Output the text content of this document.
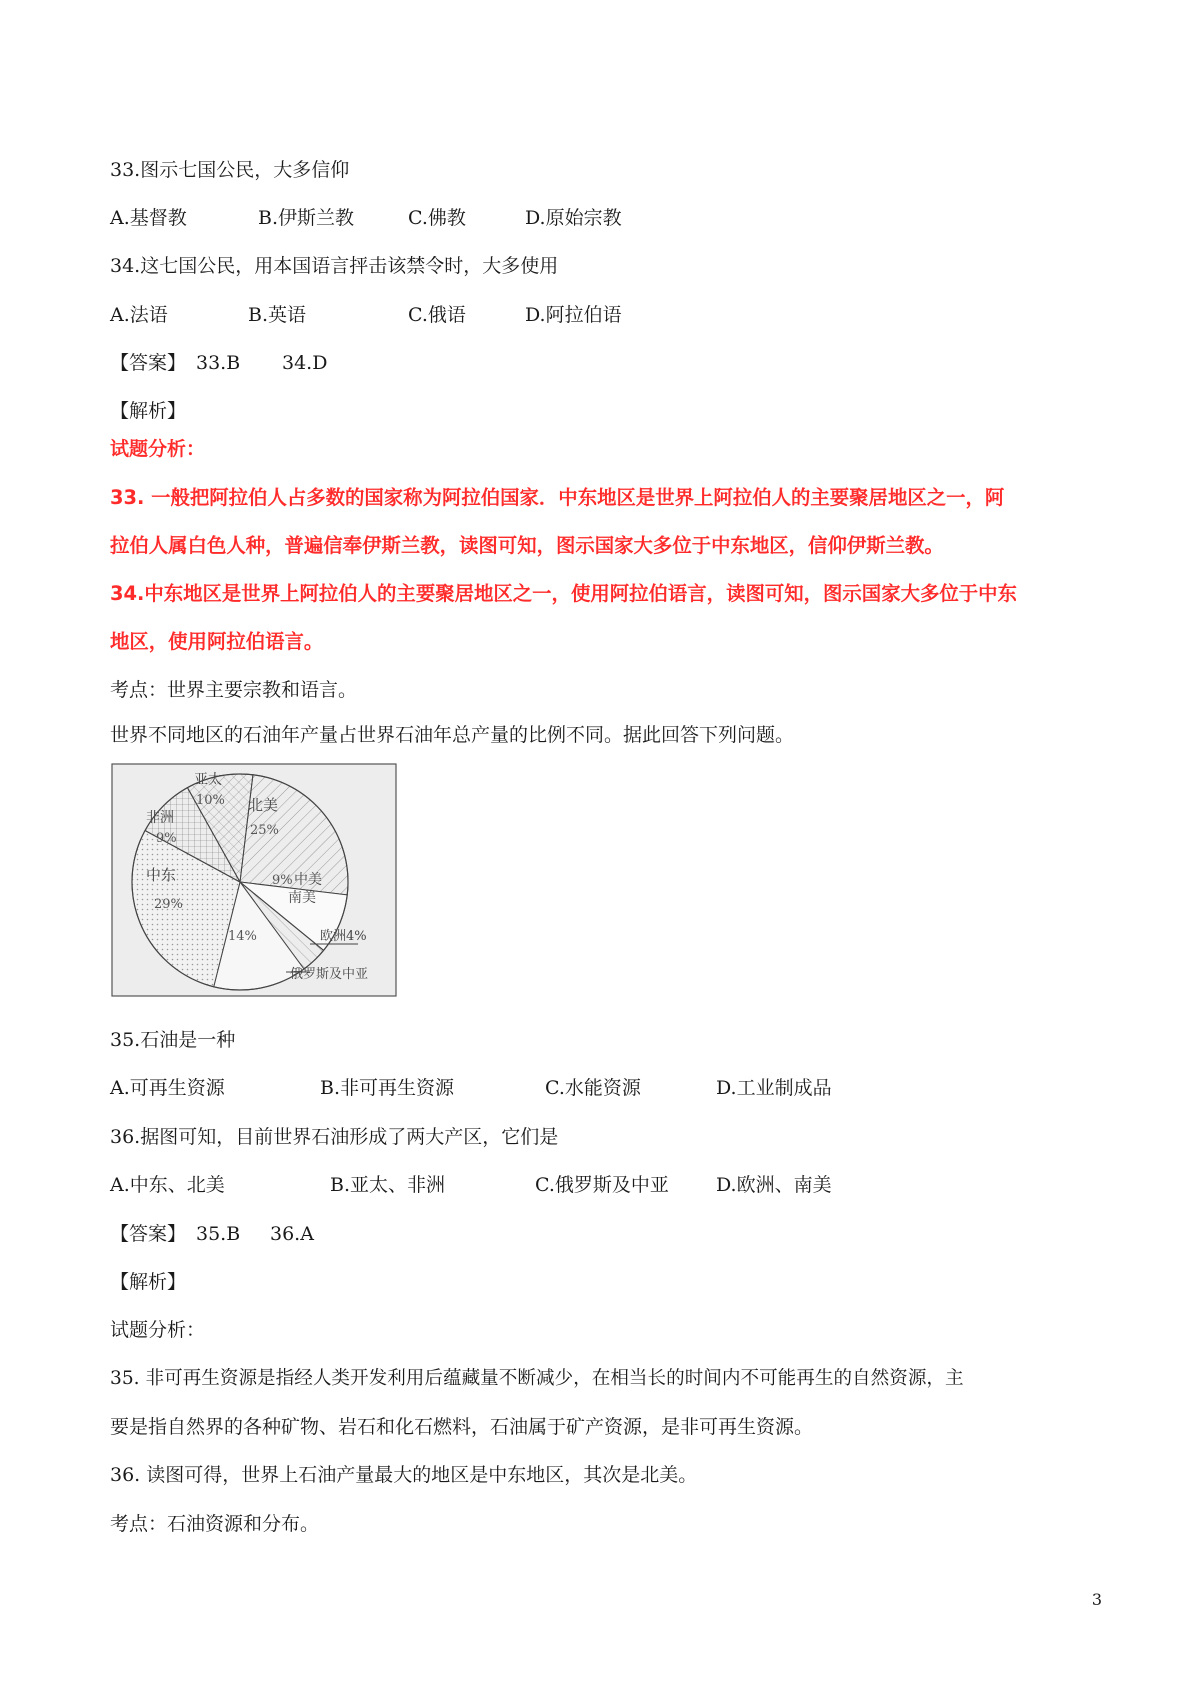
33.图示七国公民，大多信仰
A.基督教	B.伊斯兰教	C.佛教	D.原始宗教
34.这七国公民，用本国语言抨击该禁令时，大多使用
A.法语	B.英语	C.俄语	D.阿拉伯语
【答案】 33.B 34.D
【解析】
试题分析：
33. 一般把阿拉伯人占多数的国家称为阿拉伯国家．中东地区是世界上阿拉伯人的主要聚居地区之一，阿
拉伯人属白色人种，普遍信奉伊斯兰教，读图可知，图示国家大多位于中东地区，信仰伊斯兰教。
34.中东地区是世界上阿拉伯人的主要聚居地区之一，使用阿拉伯语言，读图可知，图示国家大多位于中东
地区，使用阿拉伯语言。
考点：世界主要宗教和语言。
世界不同地区的石油年产量占世界石油年总产量的比例不同。据此回答下列问题。
亚太
10% 北美
25%
非洲
9%
9% 中美
南美
中东
29%
14%	欧洲4%
俄罗斯及中亚
35.石油是一种
A.可再生资源	B.非可再生资源	C.水能资源	D.工业制成品
36.据图可知，目前世界石油形成了两大产区，它们是
A.中东、北美	B.亚太、非洲	C.俄罗斯及中亚 D.欧洲、南美
【答案】 35.B 36.A
【解析】
试题分析：
35. 非可再生资源是指经人类开发利用后蕴藏量不断减少，在相当长的时间内不可能再生的自然资源，主
要是指自然界的各种矿物、岩石和化石燃料，石油属于矿产资源，是非可再生资源。
36. 读图可得，世界上石油产量最大的地区是中东地区，其次是北美。
考点：石油资源和分布。
3
